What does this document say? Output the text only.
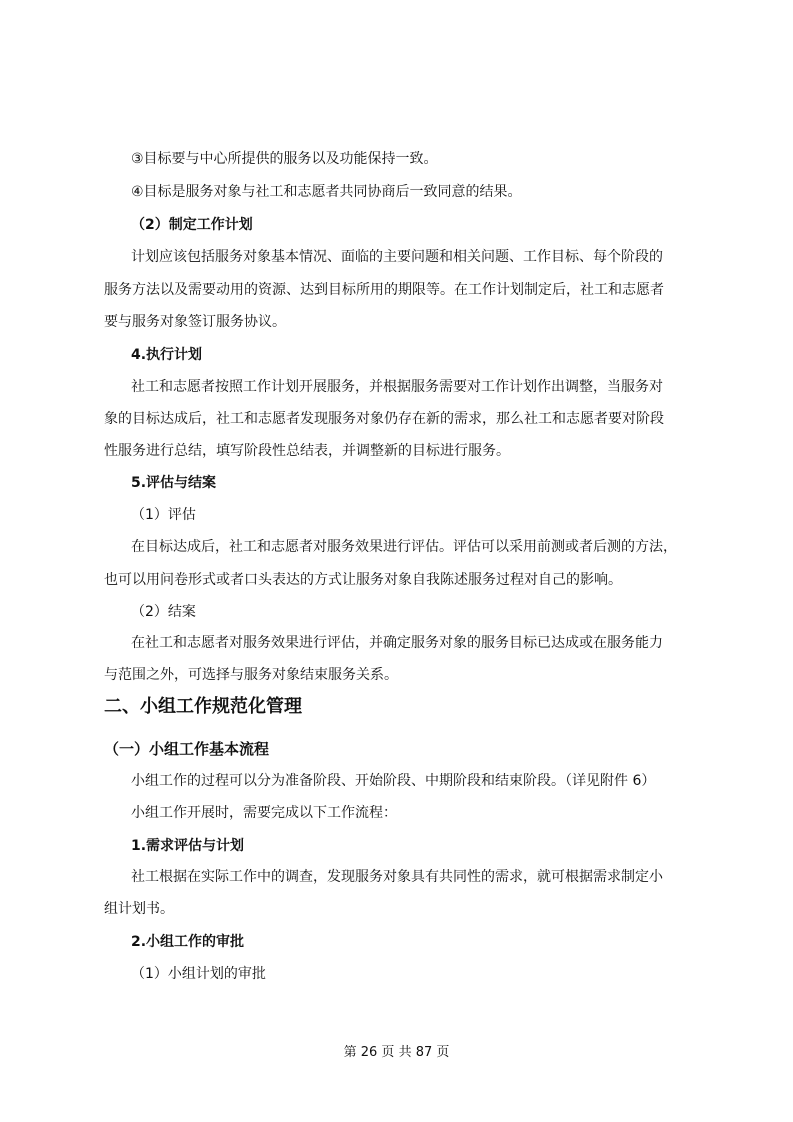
③目标要与中心所提供的服务以及功能保持一致。
④目标是服务对象与社工和志愿者共同协商后一致同意的结果。
（2）制定工作计划
计划应该包括服务对象基本情况、面临的主要问题和相关问题、工作目标、每个阶段的
服务方法以及需要动用的资源、达到目标所用的期限等。在工作计划制定后，社工和志愿者
要与服务对象签订服务协议。
4.执行计划
社工和志愿者按照工作计划开展服务，并根据服务需要对工作计划作出调整，当服务对
象的目标达成后，社工和志愿者发现服务对象仍存在新的需求，那么社工和志愿者要对阶段
性服务进行总结，填写阶段性总结表，并调整新的目标进行服务。
5.评估与结案
（1）评估
在目标达成后，社工和志愿者对服务效果进行评估。评估可以采用前测或者后测的方法，
也可以用问卷形式或者口头表达的方式让服务对象自我陈述服务过程对自己的影响。
（2）结案
在社工和志愿者对服务效果进行评估，并确定服务对象的服务目标已达成或在服务能力
与范围之外，可选择与服务对象结束服务关系。
二、小组工作规范化管理
（一）小组工作基本流程
小组工作的过程可以分为准备阶段、开始阶段、中期阶段和结束阶段。（详见附件 6）
小组工作开展时，需要完成以下工作流程：
1.需求评估与计划
社工根据在实际工作中的调查，发现服务对象具有共同性的需求，就可根据需求制定小
组计划书。
2.小组工作的审批
（1）小组计划的审批
第 26 页 共 87 页
